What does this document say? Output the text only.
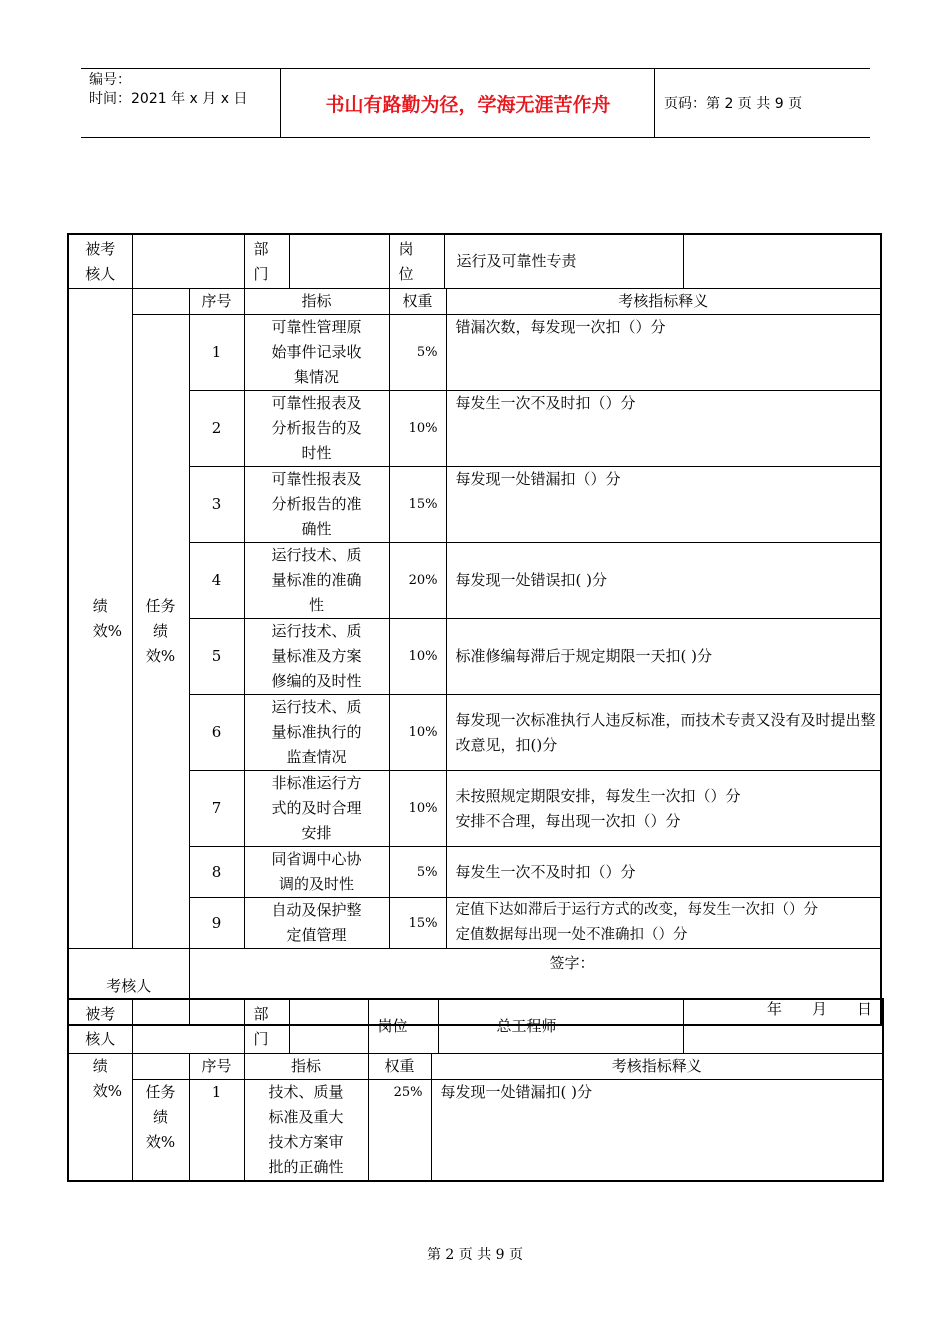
编号：
时间：2021 年 x 月 x 日	书山有路勤为径，学海无涯苦作舟	页码：第 2 页 共 9 页
被考核人			部门	岗位
运行及可靠性专责		

绩效%		序号	指标	权重	考核指标释义	

	任务绩效%	1	可靠性管理原始事件记录收集情况	5%	错漏次数，每发现一次扣（）分	
		2	可靠性报表及分析报告的及时性	10%	每发生一次不及时扣（）分	
		3	可靠性报表及分析报告的准确性	15%	每发现一处错漏扣（）分	
		4	运行技术、质量标准的准确性	20%	每发现一处错误扣( )分	
		5	运行技术、质量标准及方案修编的及时性	10%	标准修编每滞后于规定期限一天扣( )分	
		6	运行技术、质量标准执行的监查情况	10%	每发现一次标准执行人违反标准，而技术专责又没有及时提出整改意见，扣()分	
		7	非标准运行方式的及时合理安排	10%	未按照规定期限安排，每发生一次扣（）分
安排不合理，每出现一次扣（）分	
		8	同省调中心协调的及时性	5%	每发生一次不及时扣（）分	
		9	自动及保护整定值管理	15%	定值下达如滞后于运行方式的改变，每发生一次扣（）分
定值数据每出现一处不准确扣（）分	
考核人		签字：
年　　月　　日				
被考核人			部门	岗位 总工程师		

绩效%		序号	指标	权重	考核指标释义	

	任务绩效%	1	技术、质量标准及重大技术方案审批的正确性	25%	每发现一处错漏扣( )分	
第 2 页 共 9 页
